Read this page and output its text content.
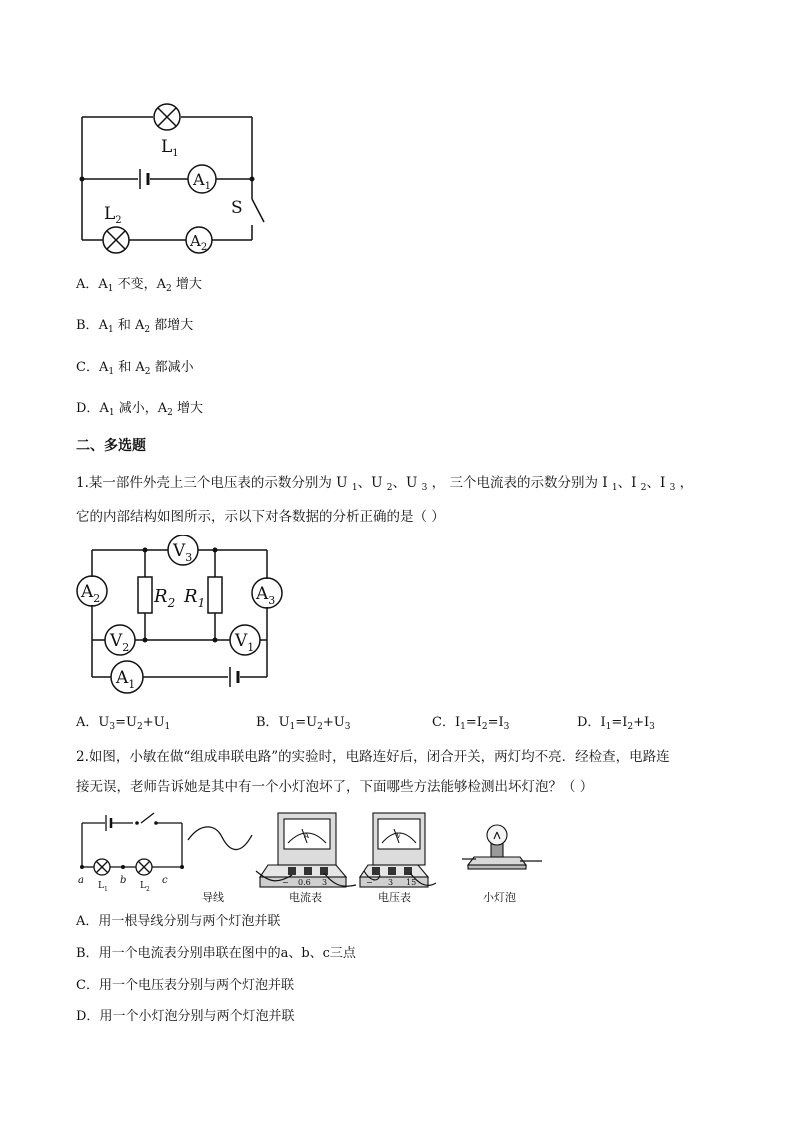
$L_1$
$A_1$
$L_2$
$A_2$
S
A．$A_1$ 不变，$A_2$ 增大
B．$A_1$ 和 $A_2$ 都增大
C．$A_1$ 和 $A_2$ 都减小
D．$A_1$ 减小，$A_2$ 增大
二、多选题
1.某一部件外壳上三个电压表的示数分别为 U $_1$、U $_2$、U $_3$ ， 三个电流表的示数分别为 I $_1$、I $_2$、I $_3$ ，
它的内部结构如图所示，示以下对各数据的分析正确的是（ ）
$V_3$
$A_2$	$A_3$
$R_2$ $R_1$
$V_2$	$V_1$
$A_1$
A．$U_3=U_2+U_1$	B．$U_1=U_2+U_3$	C．$I_1=I_2=I_3$	D．$I_1=I_2+I_3$
2.如图，小敏在做“组成串联电路”的实验时，电路连好后，闭合开关，两灯均不亮．经检查，电路连
接无误，老师告诉她是其中有一个小灯泡坏了，下面哪些方法能够检测出坏灯泡？（ ）
a	b	c
$L_1$	$L_2$
导线
A
− 0.6 3
电流表
V
− 3 15
电压表	小灯泡
A．用一根导线分别与两个灯泡并联
B．用一个电流表分别串联在图中的a、b、c三点
C．用一个电压表分别与两个灯泡并联
D．用一个小灯泡分别与两个灯泡并联
